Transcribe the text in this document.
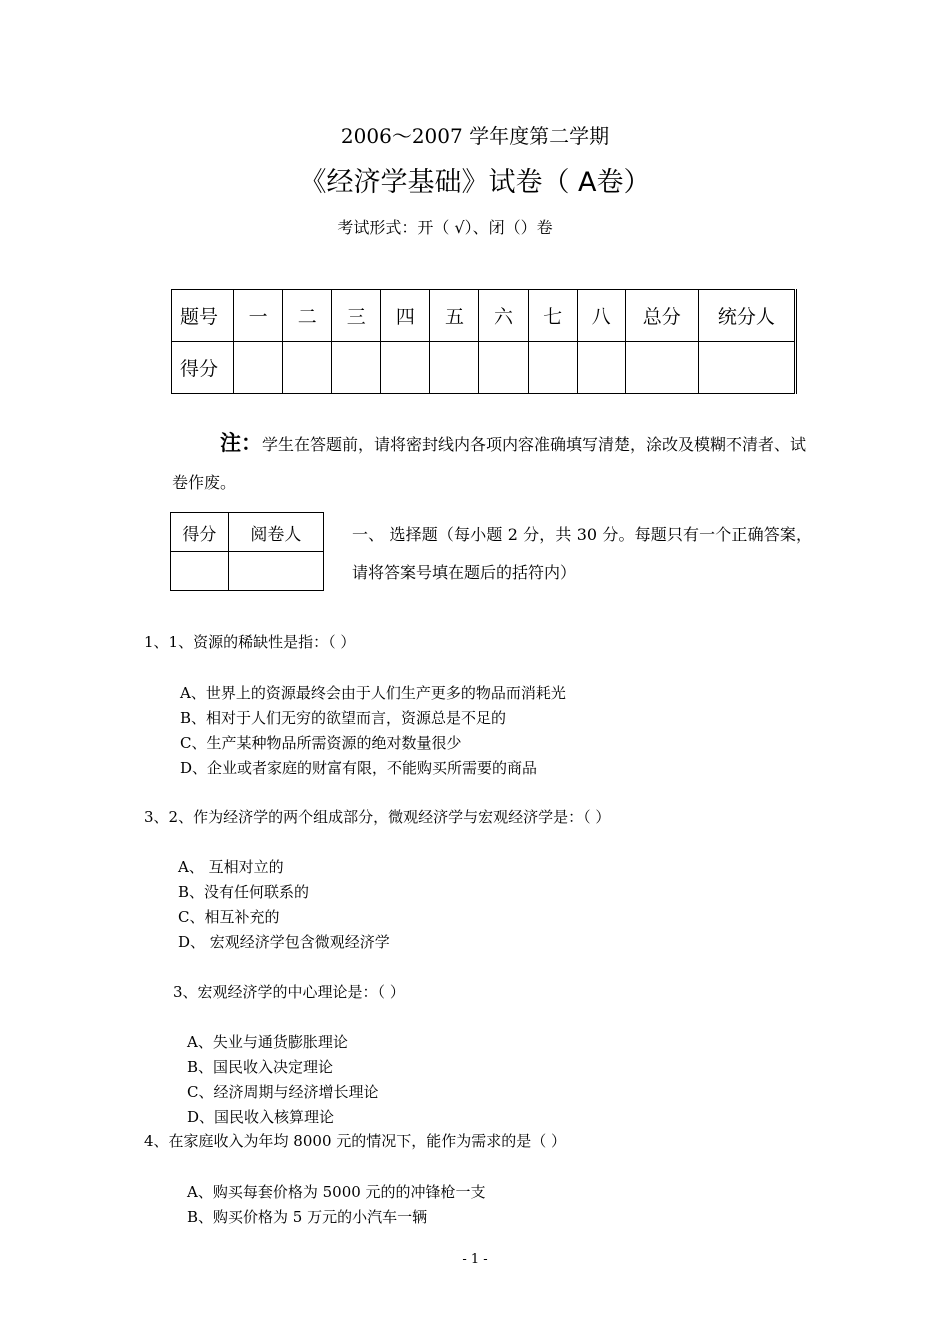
2006～2007 学年度第二学期
《经济学基础》试卷（ A卷）
考试形式：开（ √）、闭（）卷
题号	一	二	三	四	五	六	七	八	总分	统分人
得分										
注：学生在答题前，请将密封线内各项内容准确填写清楚，涂改及模糊不清者、试卷作废。
得分	阅卷人
		一、 选择题（每小题 2 分，共 30 分。每题只有一个正确答案，请将答案号填在题后的括符内）
1、1、资源的稀缺性是指：（ ）
A、世界上的资源最终会由于人们生产更多的物品而消耗光
B、相对于人们无穷的欲望而言，资源总是不足的
C、生产某种物品所需资源的绝对数量很少
D、企业或者家庭的财富有限，不能购买所需要的商品
3、2、作为经济学的两个组成部分，微观经济学与宏观经济学是：（ ）
A、 互相对立的
B、没有任何联系的
C、相互补充的
D、 宏观经济学包含微观经济学
3、宏观经济学的中心理论是：（ ）
A、失业与通货膨胀理论
B、国民收入决定理论
C、经济周期与经济增长理论
D、国民收入核算理论
4、在家庭收入为年均 8000 元的情况下，能作为需求的是（ ）
A、购买每套价格为 5000 元的的冲锋枪一支
B、购买价格为 5 万元的小汽车一辆
- 1 -
